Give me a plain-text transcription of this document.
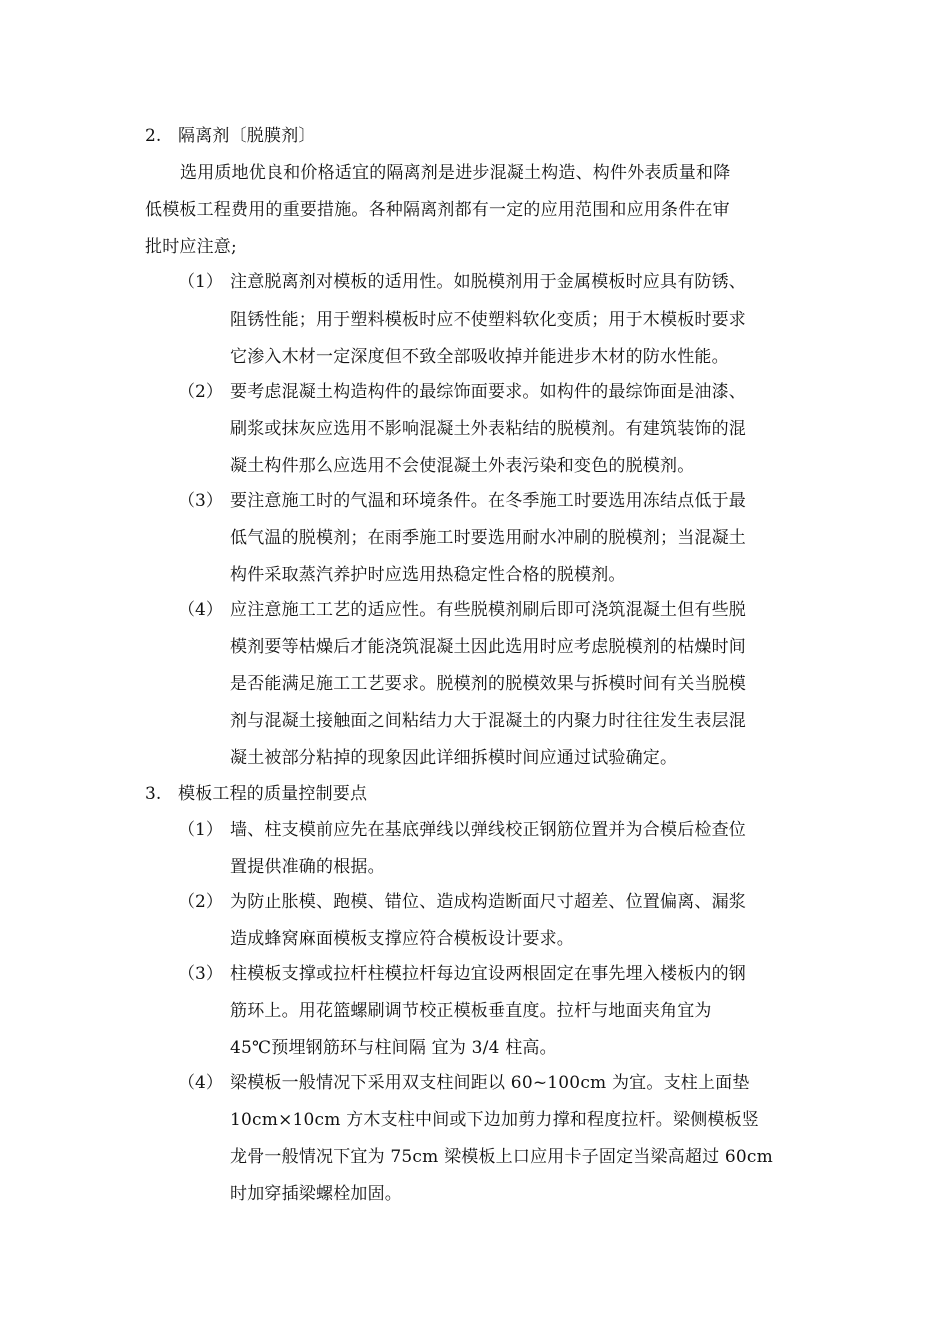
2. 隔离剂〔脱膜剂〕
选用质地优良和价格适宜的隔离剂是进步混凝土构造、构件外表质量和降
低模板工程费用的重要措施。各种隔离剂都有一定的应用范围和应用条件在审
批时应注意;
（1） 注意脱离剂对模板的适用性。如脱模剂用于金属模板时应具有防锈、
阻锈性能；用于塑料模板时应不使塑料软化变质；用于木模板时要求
它渗入木材一定深度但不致全部吸收掉并能进步木材的防水性能。
（2） 要考虑混凝土构造构件的最综饰面要求。如构件的最综饰面是油漆、
刷浆或抹灰应选用不影响混凝土外表粘结的脱模剂。有建筑装饰的混
凝土构件那么应选用不会使混凝土外表污染和变色的脱模剂。
（3） 要注意施工时的气温和环境条件。在冬季施工时要选用冻结点低于最
低气温的脱模剂；在雨季施工时要选用耐水冲刷的脱模剂；当混凝土
构件采取蒸汽养护时应选用热稳定性合格的脱模剂。
（4） 应注意施工工艺的适应性。有些脱模剂刷后即可浇筑混凝土但有些脱
模剂要等枯燥后才能浇筑混凝土因此选用时应考虑脱模剂的枯燥时间
是否能满足施工工艺要求。脱模剂的脱模效果与拆模时间有关当脱模
剂与混凝土接触面之间粘结力大于混凝土的内聚力时往往发生表层混
凝土被部分粘掉的现象因此详细拆模时间应通过试验确定。
3. 模板工程的质量控制要点
（1） 墙、柱支模前应先在基底弹线以弹线校正钢筋位置并为合模后检查位
置提供准确的根据。
（2） 为防止胀模、跑模、错位、造成构造断面尺寸超差、位置偏离、漏浆
造成蜂窝麻面模板支撑应符合模板设计要求。
（3） 柱模板支撑或拉杆柱模拉杆每边宜设两根固定在事先埋入楼板内的钢
筋环上。用花篮螺刷调节校正模板垂直度。拉杆与地面夹角宜为
45℃预埋钢筋环与柱间隔 宜为 3/4 柱高。
（4） 梁模板一般情况下采用双支柱间距以 60~100cm 为宜。支柱上面垫
10cm×10cm 方木支柱中间或下边加剪力撑和程度拉杆。梁侧模板竖
龙骨一般情况下宜为 75cm 梁模板上口应用卡子固定当梁高超过 60cm
时加穿插梁螺栓加固。
